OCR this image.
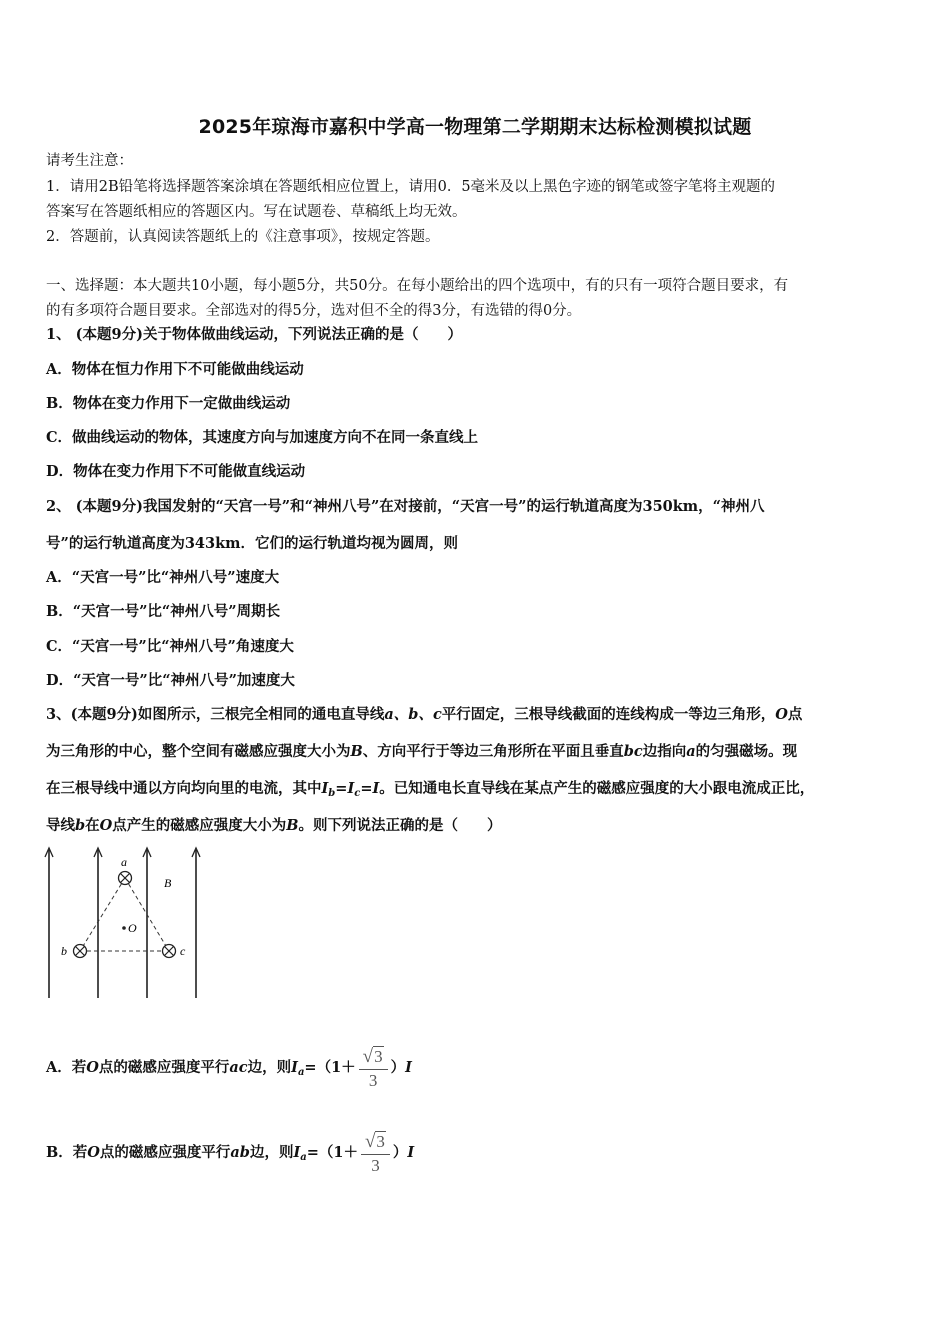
2025年琼海市嘉积中学高一物理第二学期期末达标检测模拟试题
请考生注意：
1．请用2B铅笔将选择题答案涂填在答题纸相应位置上，请用0．5毫米及以上黑色字迹的钢笔或签字笔将主观题的
答案写在答题纸相应的答题区内。写在试题卷、草稿纸上均无效。
2．答题前，认真阅读答题纸上的《注意事项》，按规定答题。
一、选择题：本大题共10小题，每小题5分，共50分。在每小题给出的四个选项中，有的只有一项符合题目要求，有
的有多项符合题目要求。全部选对的得5分，选对但不全的得3分，有选错的得0分。
1、 (本题9分)关于物体做曲线运动，下列说法正确的是（　　）
A．物体在恒力作用下不可能做曲线运动
B．物体在变力作用下一定做曲线运动
C．做曲线运动的物体，其速度方向与加速度方向不在同一条直线上
D．物体在变力作用下不可能做直线运动
2、 (本题9分)我国发射的“天宫一号”和“神州八号”在对接前，“天宫一号”的运行轨道高度为350km，“神州八
号”的运行轨道高度为343km．它们的运行轨道均视为圆周，则
A．“天宫一号”比“神州八号”速度大
B．“天宫一号”比“神州八号”周期长
C．“天宫一号”比“神州八号”角速度大
D．“天宫一号”比“神州八号”加速度大
3、(本题9分)如图所示，三根完全相同的通电直导线a、b、c平行固定，三根导线截面的连线构成一等边三角形，O点
为三角形的中心，整个空间有磁感应强度大小为B、方向平行于等边三角形所在平面且垂直bc边指向a的匀强磁场。现
在三根导线中通以方向均向里的电流，其中$I_b=I_c=I$。已知通电长直导线在某点产生的磁感应强度的大小跟电流成正比，
导线b在O点产生的磁感应强度大小为B。则下列说法正确的是（　　）
a
b	c
O
B
A．若O点的磁感应强度平行ac边，则$I_a=(1+ \frac{√3}{3} )I$
B．若O点的磁感应强度平行ab边，则$I_a=(1+ \frac{√3}{3} )I$
